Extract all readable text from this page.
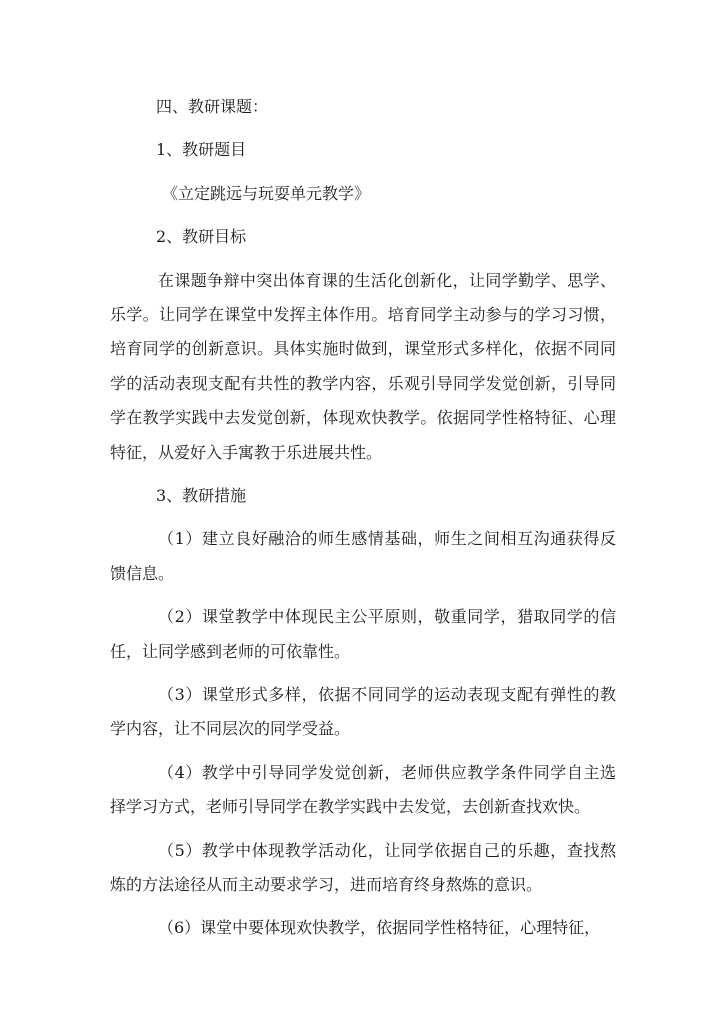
四、教研课题：
1、教研题目
《立定跳远与玩耍单元教学》
2、教研目标

在课题争辩中突出体育课的生活化创新化，让同学勤学、思学、乐学。让同学在课堂中发挥主体作用。培育同学主动参与的学习习惯，培育同学的创新意识。具体实施时做到，课堂形式多样化，依据不同同学的活动表现支配有共性的教学内容，乐观引导同学发觉创新，引导同学在教学实践中去发觉创新，体现欢快教学。依据同学性格特征、心理特征，从爱好入手寓教于乐进展共性。

3、教研措施

（1）建立良好融洽的师生感情基础，师生之间相互沟通获得反馈信息。

（2）课堂教学中体现民主公平原则，敬重同学，猎取同学的信任，让同学感到老师的可依靠性。

（3）课堂形式多样，依据不同同学的运动表现支配有弹性的教学内容，让不同层次的同学受益。

（4）教学中引导同学发觉创新，老师供应教学条件同学自主选择学习方式，老师引导同学在教学实践中去发觉，去创新查找欢快。

（5）教学中体现教学活动化，让同学依据自己的乐趣，查找熬炼的方法途径从而主动要求学习，进而培育终身熬炼的意识。

（6）课堂中要体现欢快教学，依据同学性格特征，心理特征，
